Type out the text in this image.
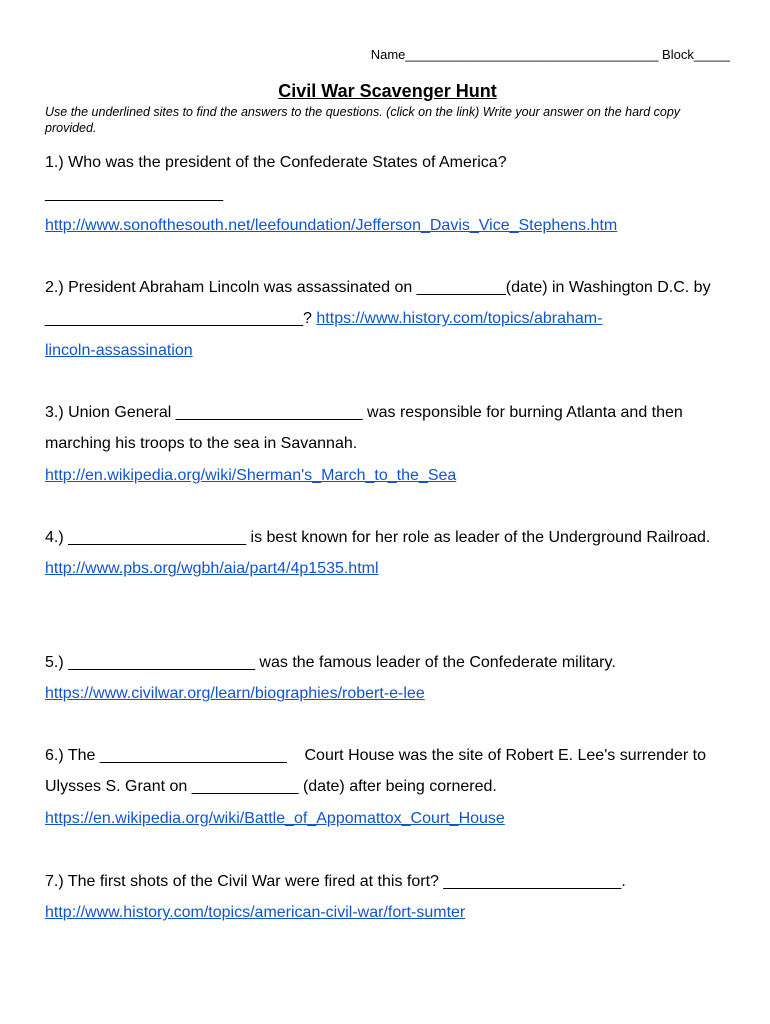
Name___________________________________ Block_____
Civil War Scavenger Hunt
Use the underlined sites to find the answers to the questions. (click on the link) Write your answer on the hard copy provided.
1.) Who was the president of the Confederate States of America?
____________________
http://www.sonofthesouth.net/leefoundation/Jefferson_Davis_Vice_Stephens.htm
2.) President Abraham Lincoln was assassinated on __________(date) in Washington D.C. by _____________________________? https://www.history.com/topics/abraham-
lincoln-assassination
3.) Union General _____________________ was responsible for burning Atlanta and then marching his troops to the sea in Savannah.
http://en.wikipedia.org/wiki/Sherman's_March_to_the_Sea
4.) ____________________ is best known for her role as leader of the Underground Railroad.
http://www.pbs.org/wgbh/aia/part4/4p1535.html
5.) _____________________ was the famous leader of the Confederate military.
https://www.civilwar.org/learn/biographies/robert-e-lee
6.) The _____________________    Court House was the site of Robert E. Lee's surrender to Ulysses S. Grant on ____________ (date) after being cornered.
https://en.wikipedia.org/wiki/Battle_of_Appomattox_Court_House
7.) The first shots of the Civil War were fired at this fort? ____________________.
http://www.history.com/topics/american-civil-war/fort-sumter
